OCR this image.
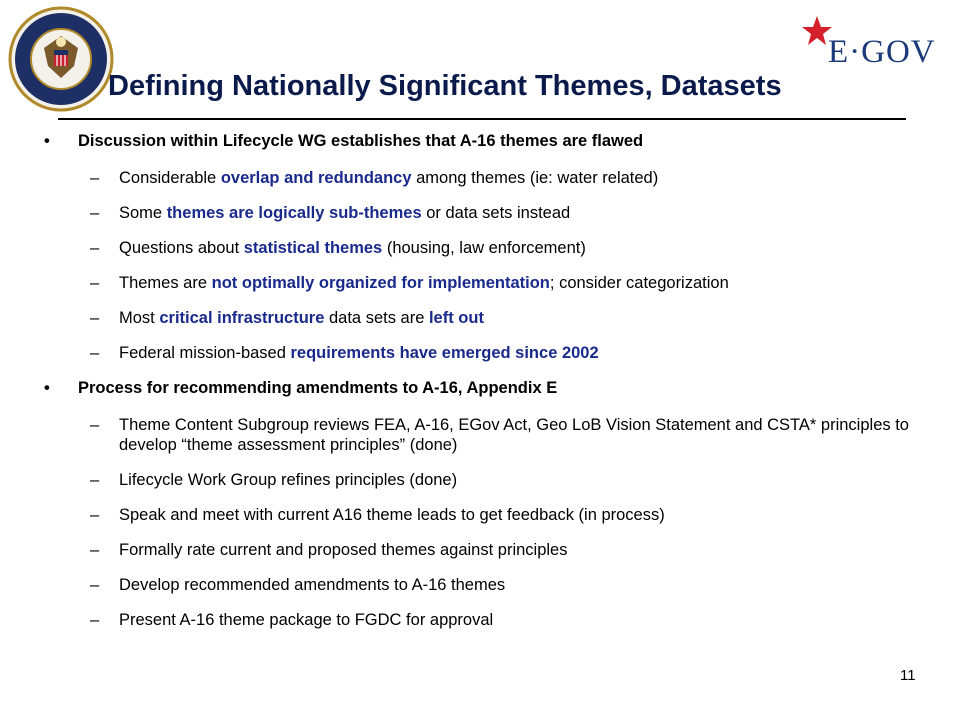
E·GOV
Defining Nationally Significant Themes, Datasets
• Discussion within Lifecycle WG establishes that A-16 themes are flawed
– Considerable overlap and redundancy among themes (ie: water related)
– Some themes are logically sub-themes or data sets instead
– Questions about statistical themes (housing, law enforcement)
– Themes are not optimally organized for implementation; consider categorization
– Most critical infrastructure data sets are left out
– Federal mission-based requirements have emerged since 2002
• Process for recommending amendments to A-16, Appendix E
– Theme Content Subgroup reviews FEA, A-16, EGov Act, Geo LoB Vision Statement and CSTA* principles to develop “theme assessment principles” (done)
– Lifecycle Work Group refines principles (done)
– Speak and meet with current A16 theme leads to get feedback (in process)
– Formally rate current and proposed themes against principles
– Develop recommended amendments to A-16 themes
– Present A-16 theme package to FGDC for approval
11
